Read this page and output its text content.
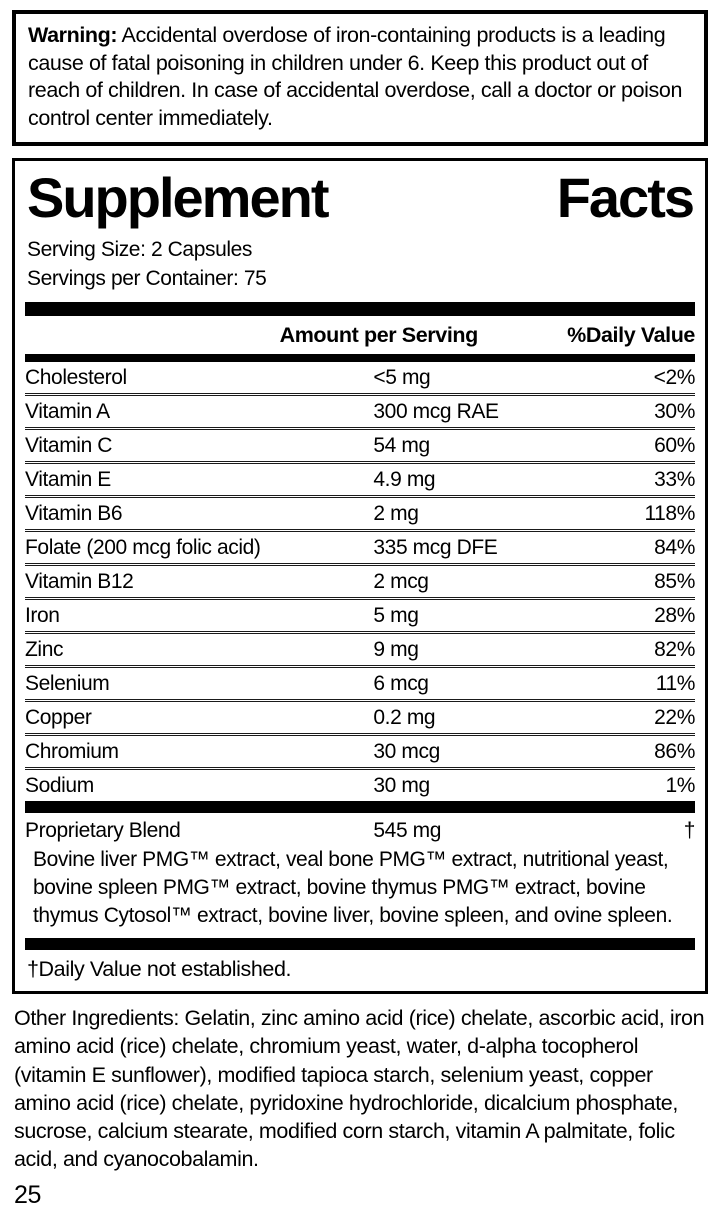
Warning: Accidental overdose of iron-containing products is a leading cause of fatal poisoning in children under 6. Keep this product out of reach of children. In case of accidental overdose, call a doctor or poison control center immediately.
Supplement	Facts
Serving Size: 2 Capsules
Servings per Container: 75
Amount per Serving	%Daily Value
Cholesterol	<5 mg	<2%
Vitamin A	300 mcg RAE	30%
Vitamin C	54 mg	60%
Vitamin E	4.9 mg	33%
Vitamin B6	2 mg	118%
Folate (200 mcg folic acid)	335 mcg DFE	84%
Vitamin B12	2 mcg	85%
Iron	5 mg	28%
Zinc	9 mg	82%
Selenium	6 mcg	11%
Copper	0.2 mg	22%
Chromium	30 mcg	86%
Sodium	30 mg	1%
Proprietary Blend	545 mg	†
Bovine liver PMG™ extract, veal bone PMG™ extract, nutritional yeast, bovine spleen PMG™ extract, bovine thymus PMG™ extract, bovine thymus Cytosol™ extract, bovine liver, bovine spleen, and ovine spleen.
†Daily Value not established.
Other Ingredients: Gelatin, zinc amino acid (rice) chelate, ascorbic acid, iron amino acid (rice) chelate, chromium yeast, water, d-alpha tocopherol (vitamin E sunflower), modified tapioca starch, selenium yeast, copper amino acid (rice) chelate, pyridoxine hydrochloride, dicalcium phosphate, sucrose, calcium stearate, modified corn starch, vitamin A palmitate, folic acid, and cyanocobalamin.
25
